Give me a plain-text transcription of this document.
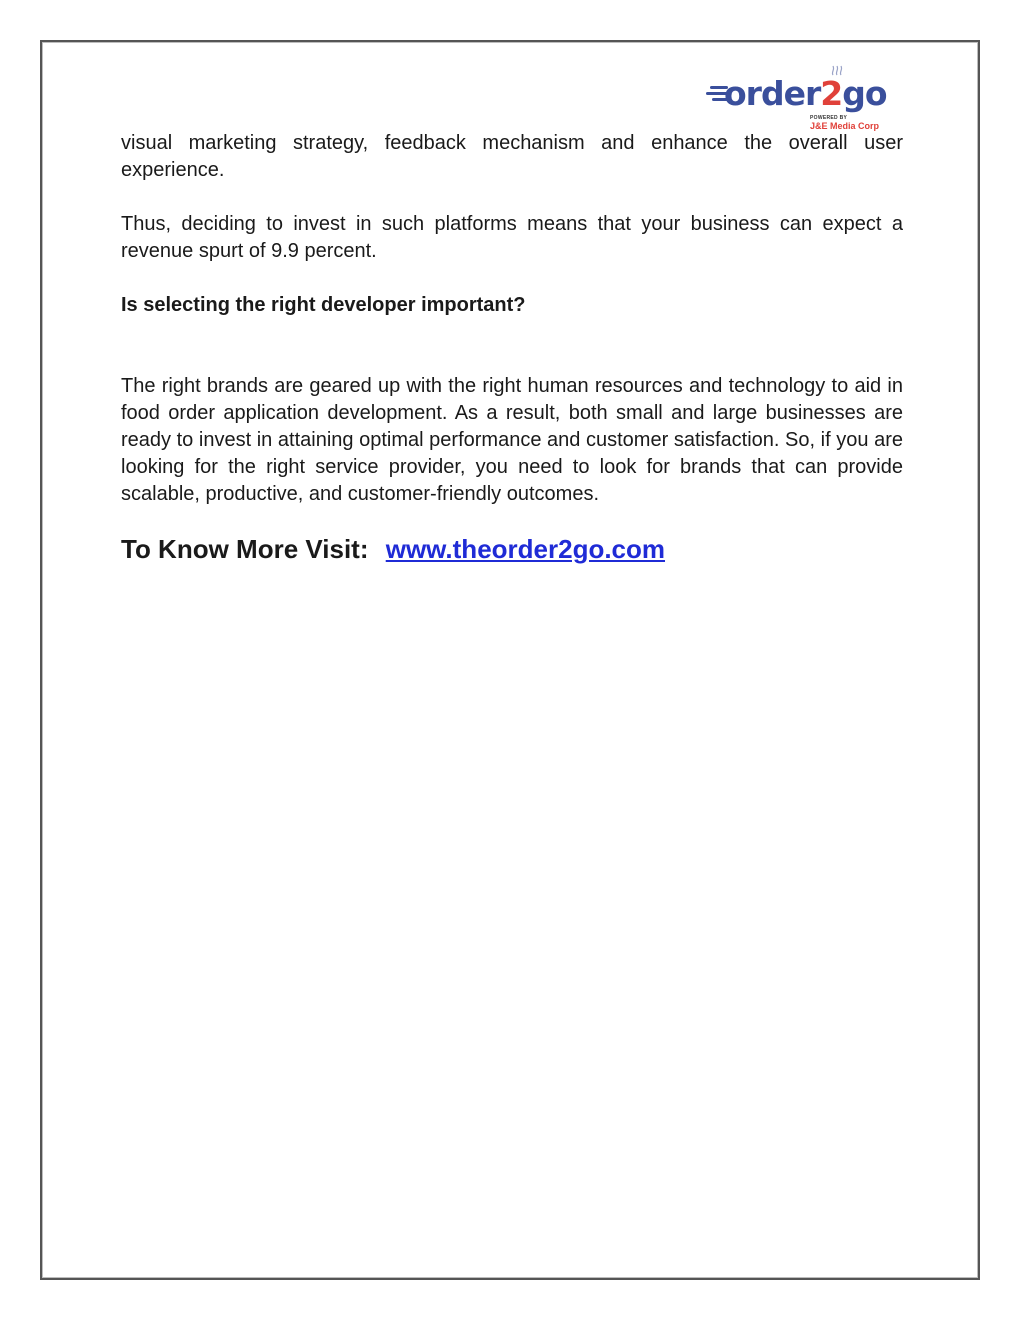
order2go
POWERED BY
J&E Media Corp

visual marketing strategy, feedback mechanism and enhance the overall user experience.

Thus, deciding to invest in such platforms means that your business can expect a revenue spurt of 9.9 percent.

Is selecting the right developer important?

The right brands are geared up with the right human resources and technology to aid in food order application development. As a result, both small and large businesses are ready to invest in attaining optimal performance and customer satisfaction. So, if you are looking for the right service provider, you need to look for brands that can provide scalable, productive, and customer-friendly outcomes.

To Know More Visit: www.theorder2go.com
